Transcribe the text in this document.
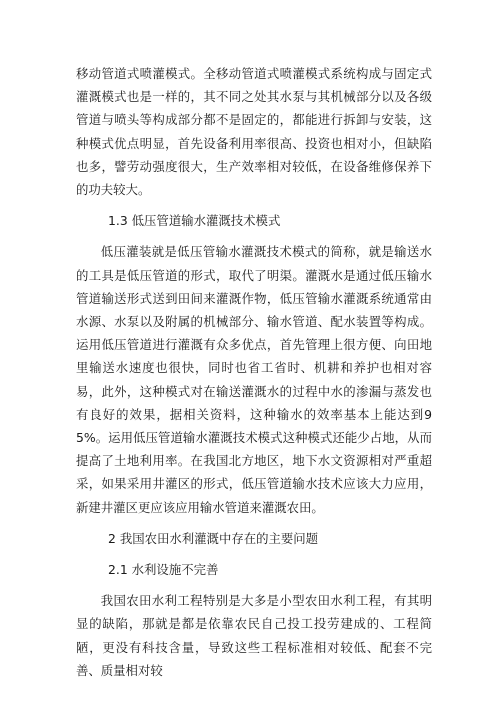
移动管道式喷灌模式。全移动管道式喷灌模式系统构成与固定式灌溉模式也是一样的，其不同之处其水泵与其机械部分以及各级管道与喷头等构成部分都不是固定的，都能进行拆卸与安装，这种模式优点明显，首先设备利用率很高、投资也相对小，但缺陷也多，譬劳动强度很大，生产效率相对较低，在设备维修保养下的功夫较大。

1.3 低压管道输水灌溉技术模式

低压灌装就是低压管输水灌溉技术模式的简称，就是输送水的工具是低压管道的形式，取代了明渠。灌溉水是通过低压输水管道输送形式送到田间来灌溉作物，低压管输水灌溉系统通常由水源、水泵以及附属的机械部分、输水管道、配水装置等构成。运用低压管道进行灌溉有众多优点，首先管理上很方便、向田地里输送水速度也很快，同时也省工省时、机耕和养护也相对容易，此外，这种模式对在输送灌溉水的过程中水的渗漏与蒸发也有良好的效果，据相关资料，这种输水的效率基本上能达到95%。运用低压管道输水灌溉技术模式这种模式还能少占地，从而提高了土地利用率。在我国北方地区，地下水文资源相对严重超采，如果采用井灌区的形式，低压管道输水技术应该大力应用，新建井灌区更应该应用输水管道来灌溉农田。

2 我国农田水利灌溉中存在的主要问题

2.1 水利设施不完善

我国农田水利工程特别是大多是小型农田水利工程，有其明显的缺陷，那就是都是依靠农民自己投工投劳建成的、工程简陋，更没有科技含量，导致这些工程标准相对较低、配套不完善、质量相对较
